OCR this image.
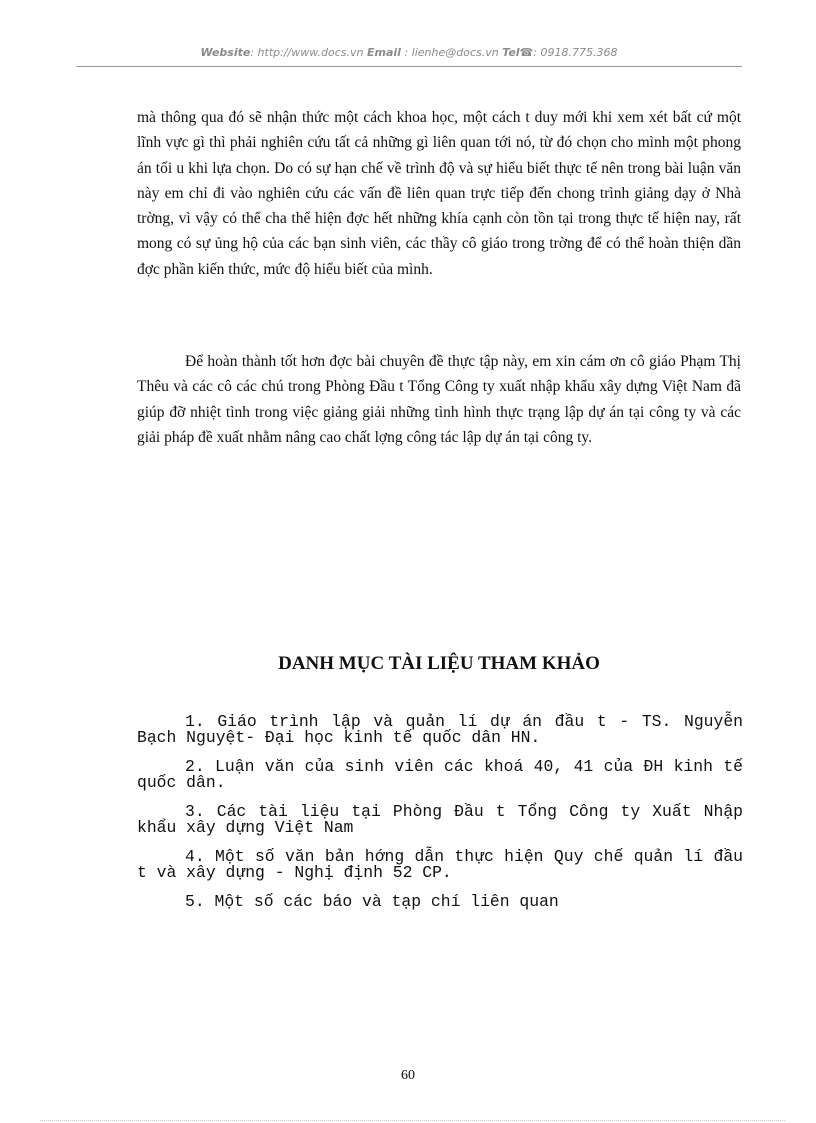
Website: http://www.docs.vn Email : lienhe@docs.vn Tel☎: 0918.775.368

mà thông qua đó sẽ nhận thức một cách khoa học, một cách t duy mới khi xem xét bất cứ một lĩnh vực gì thì phải nghiên cứu tất cả những gì liên quan tới nó, từ đó chọn cho mình một phong án tối u khi lựa chọn. Do có sự hạn chế về trình độ và sự hiểu biết thực tế nên trong bài luận văn này em chỉ đi vào nghiên cứu các vấn đề liên quan trực tiếp đến chong trình giảng dạy ở Nhà trờng, vì vậy có thể cha thể hiện đợc hết những khía cạnh còn tồn tại trong thực tế hiện nay, rất mong có sự ủng hộ của các bạn sinh viên, các thầy cô giáo trong trờng để có thể hoàn thiện dần đợc phần kiến thức, mức độ hiểu biết của mình.

Để hoàn thành tốt hơn đợc bài chuyên đề thực tập này, em xin cám ơn cô giáo Phạm Thị Thêu và các cô các chú trong Phòng Đầu t Tổng Công ty xuất nhập khẩu xây dựng Việt Nam đã giúp đỡ nhiệt tình trong việc giảng giải những tình hình thực trạng lập dự án tại công ty và các giải pháp đề xuất nhằm nâng cao chất lợng công tác lập dự án tại công ty.

DANH MỤC TÀI LIỆU THAM KHẢO
1. Giáo trình lập và quản lí dự án đầu t - TS. Nguyễn Bạch Nguyệt- Đại học kinh tế quốc dân HN.
2. Luận văn của sinh viên các khoá 40, 41 của ĐH kinh tế quốc dân.
3. Các tài liệu tại Phòng Đầu t Tổng Công ty Xuất Nhập khẩu xây dựng Việt Nam
4. Một số văn bản hớng dẫn thực hiện Quy chế quản lí đầu t và xây dựng - Nghị định 52 CP.
5. Một số các báo và tạp chí liên quan
60
